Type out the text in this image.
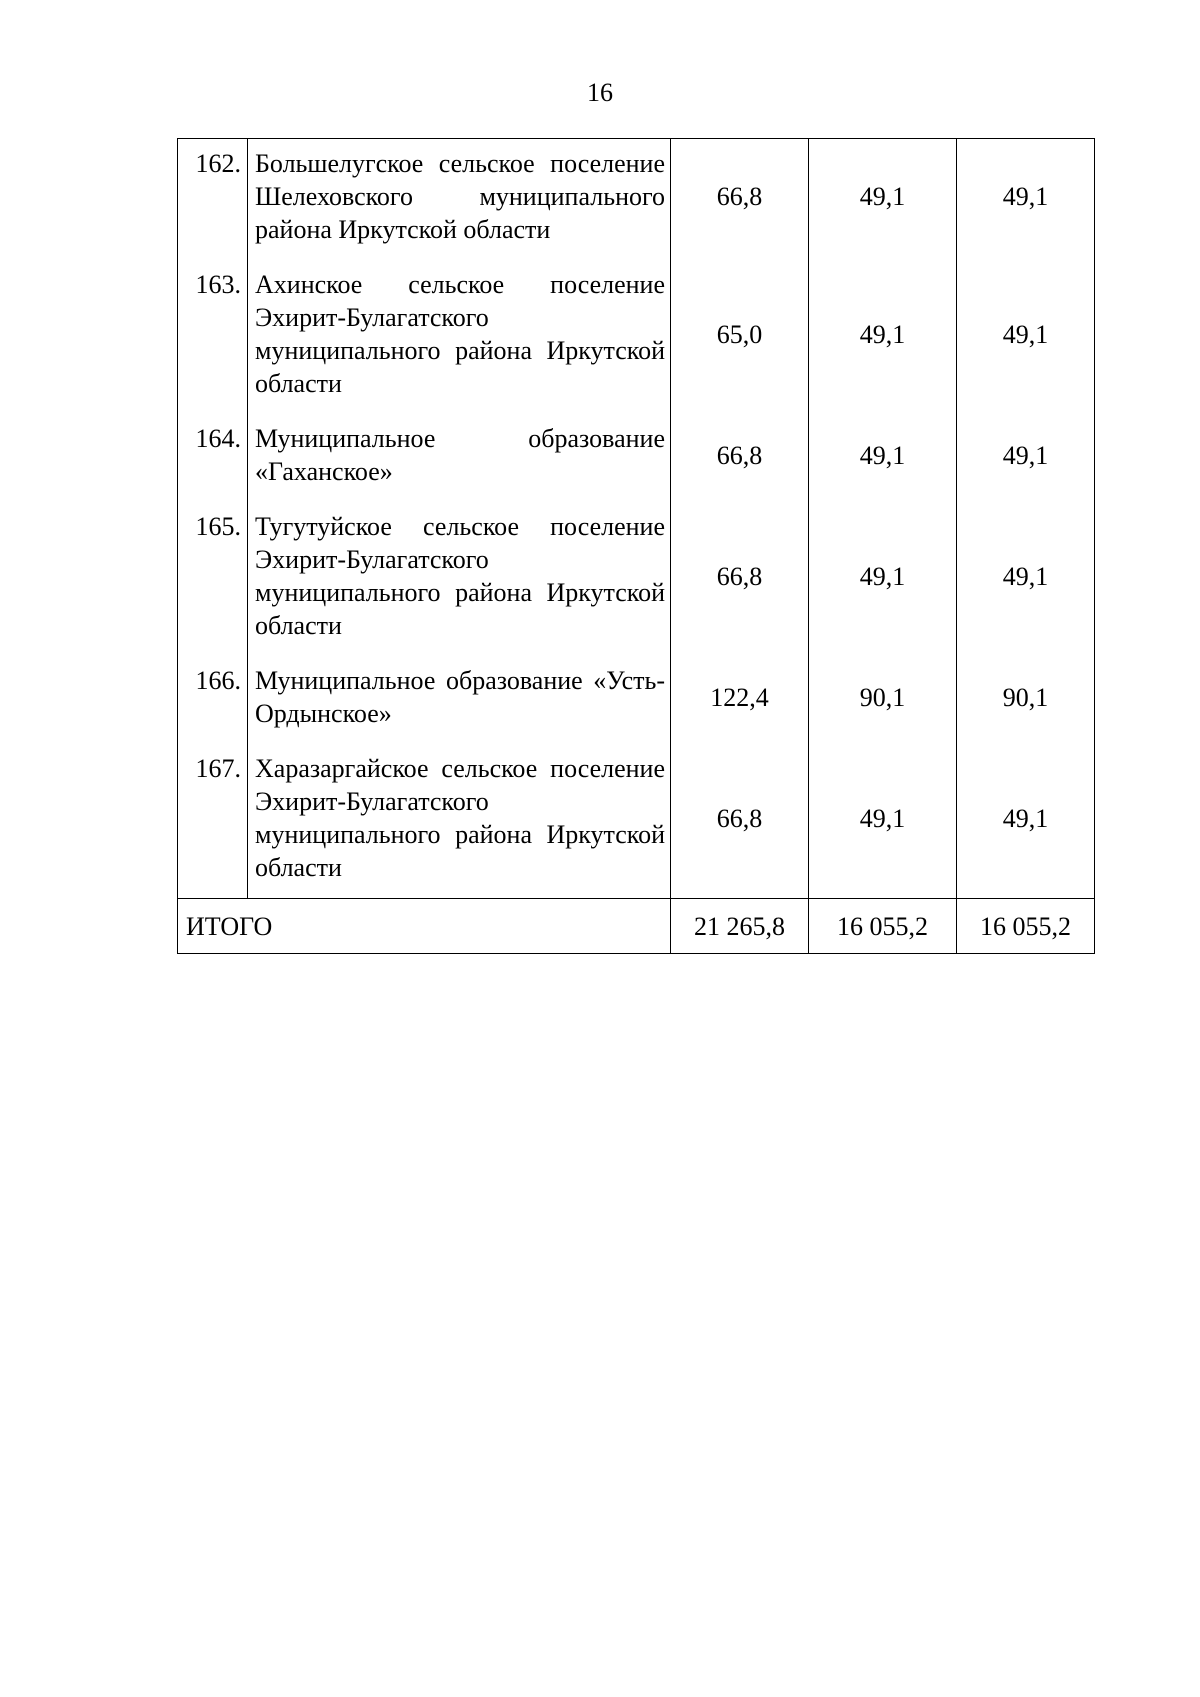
16
162.	Большелугское сельское поселение Шелеховского муниципального района Иркутской области	66,8	49,1	49,1
163.	Ахинское сельское поселение Эхирит-Булагатского муниципального района Иркутской области	65,0	49,1	49,1
164.	Муниципальное образование «Гаханское»	66,8	49,1	49,1
165.	Тугутуйское сельское поселение Эхирит-Булагатского муниципального района Иркутской области	66,8	49,1	49,1
166.	Муниципальное образование «Усть-Ордынское»	122,4	90,1	90,1
167.	Харазаргайское сельское поселение Эхирит-Булагатского муниципального района Иркутской области	66,8	49,1	49,1
ИТОГО		21 265,8	16 055,2	16 055,2
